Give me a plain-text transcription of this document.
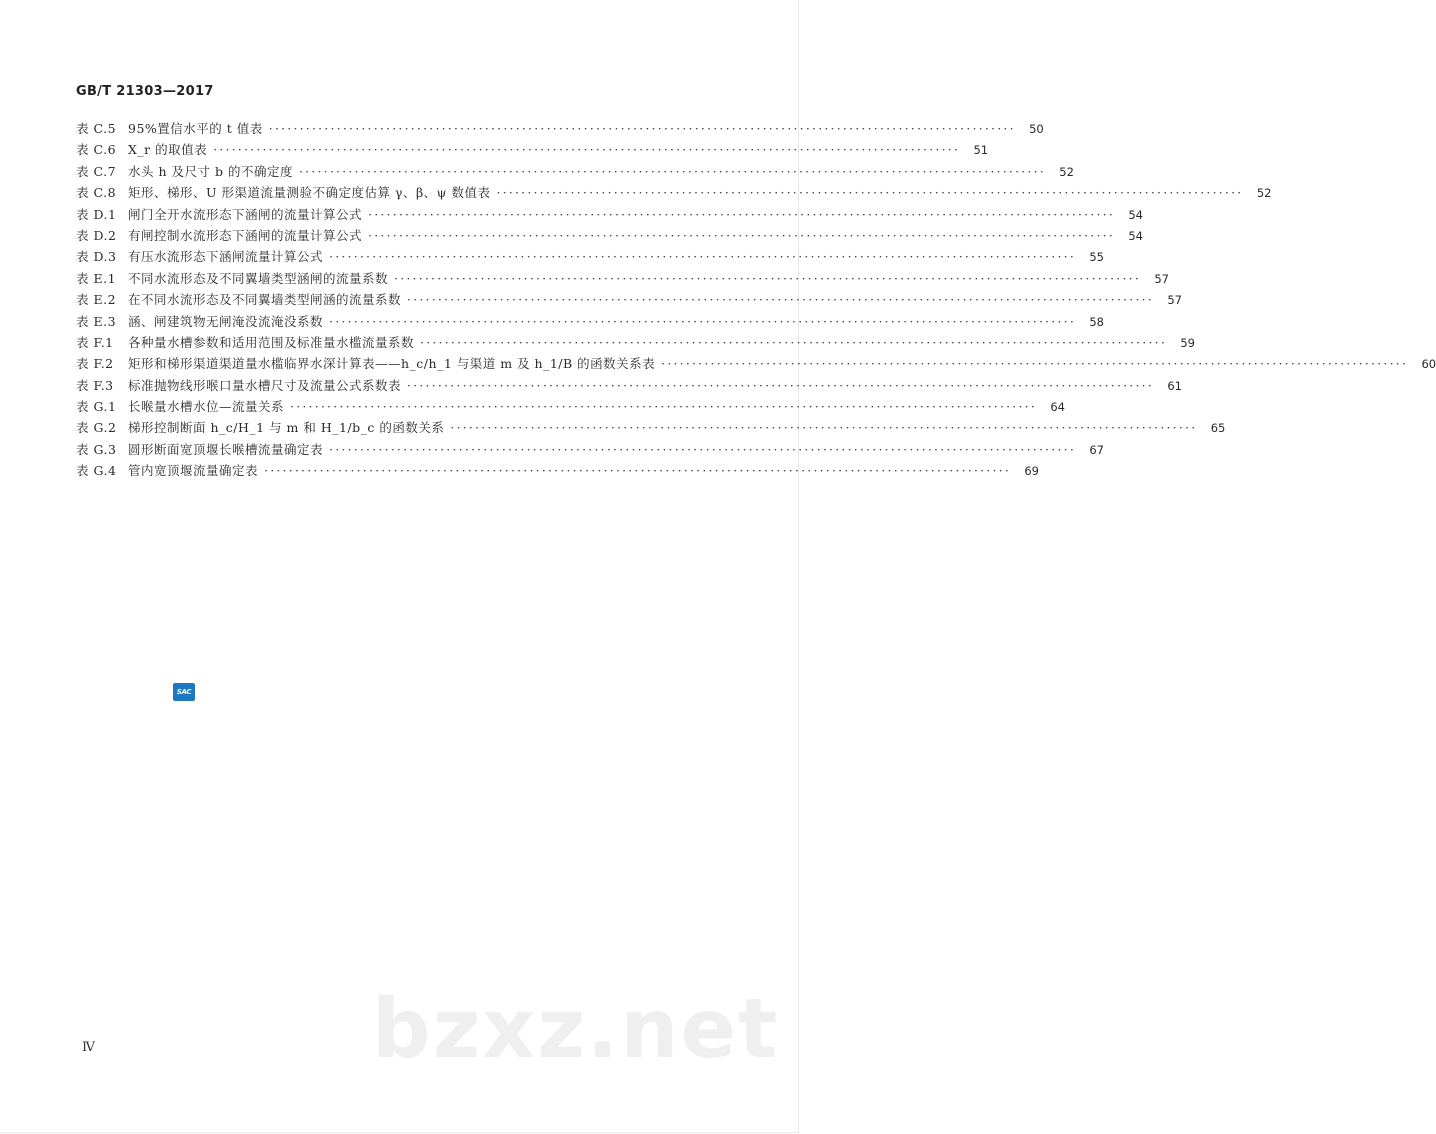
GB/T 21303—2017
表 C.5 95%置信水平的 t 值表 ·····	50
表 C.6 X_r 的取值表 ·····	51
表 C.7 水头 h 及尺寸 b 的不确定度 ·····	52
表 C.8 矩形、梯形、U 形渠道流量测验不确定度估算 γ、β、ψ 数值表 ·····	52
表 D.1 闸门全开水流形态下涵闸的流量计算公式 ·····	54
表 D.2 有闸控制水流形态下涵闸的流量计算公式 ·····	54
表 D.3 有压水流形态下涵闸流量计算公式 ·····	55
表 E.1 不同水流形态及不同翼墙类型涵闸的流量系数 ·····	57
表 E.2 在不同水流形态及不同翼墙类型闸涵的流量系数 ·····	57
表 E.3 涵、闸建筑物无闸淹没流淹没系数 ·····	58
表 F.1	各种量水槽参数和适用范围及标准量水槛流量系数 ·····	59
表 F.2	矩形和梯形渠道渠道量水槛临界水深计算表——h_c/h_1 与渠道 m 及 h_1/B 的函数关系表 ·····	60
表 F.3	标准抛物线形喉口量水槽尺寸及流量公式系数表 ·····	61
表 G.1 长喉量水槽水位—流量关系 ·····	64
表 G.2 梯形控制断面 h_c/H_1 与 m 和 H_1/b_c 的函数关系 ·····	65
表 G.3 圆形断面宽顶堰长喉槽流量确定表 ·····	67
表 G.4 管内宽顶堰流量确定表 ·····	69
SAC
bzxz.net
Ⅳ
